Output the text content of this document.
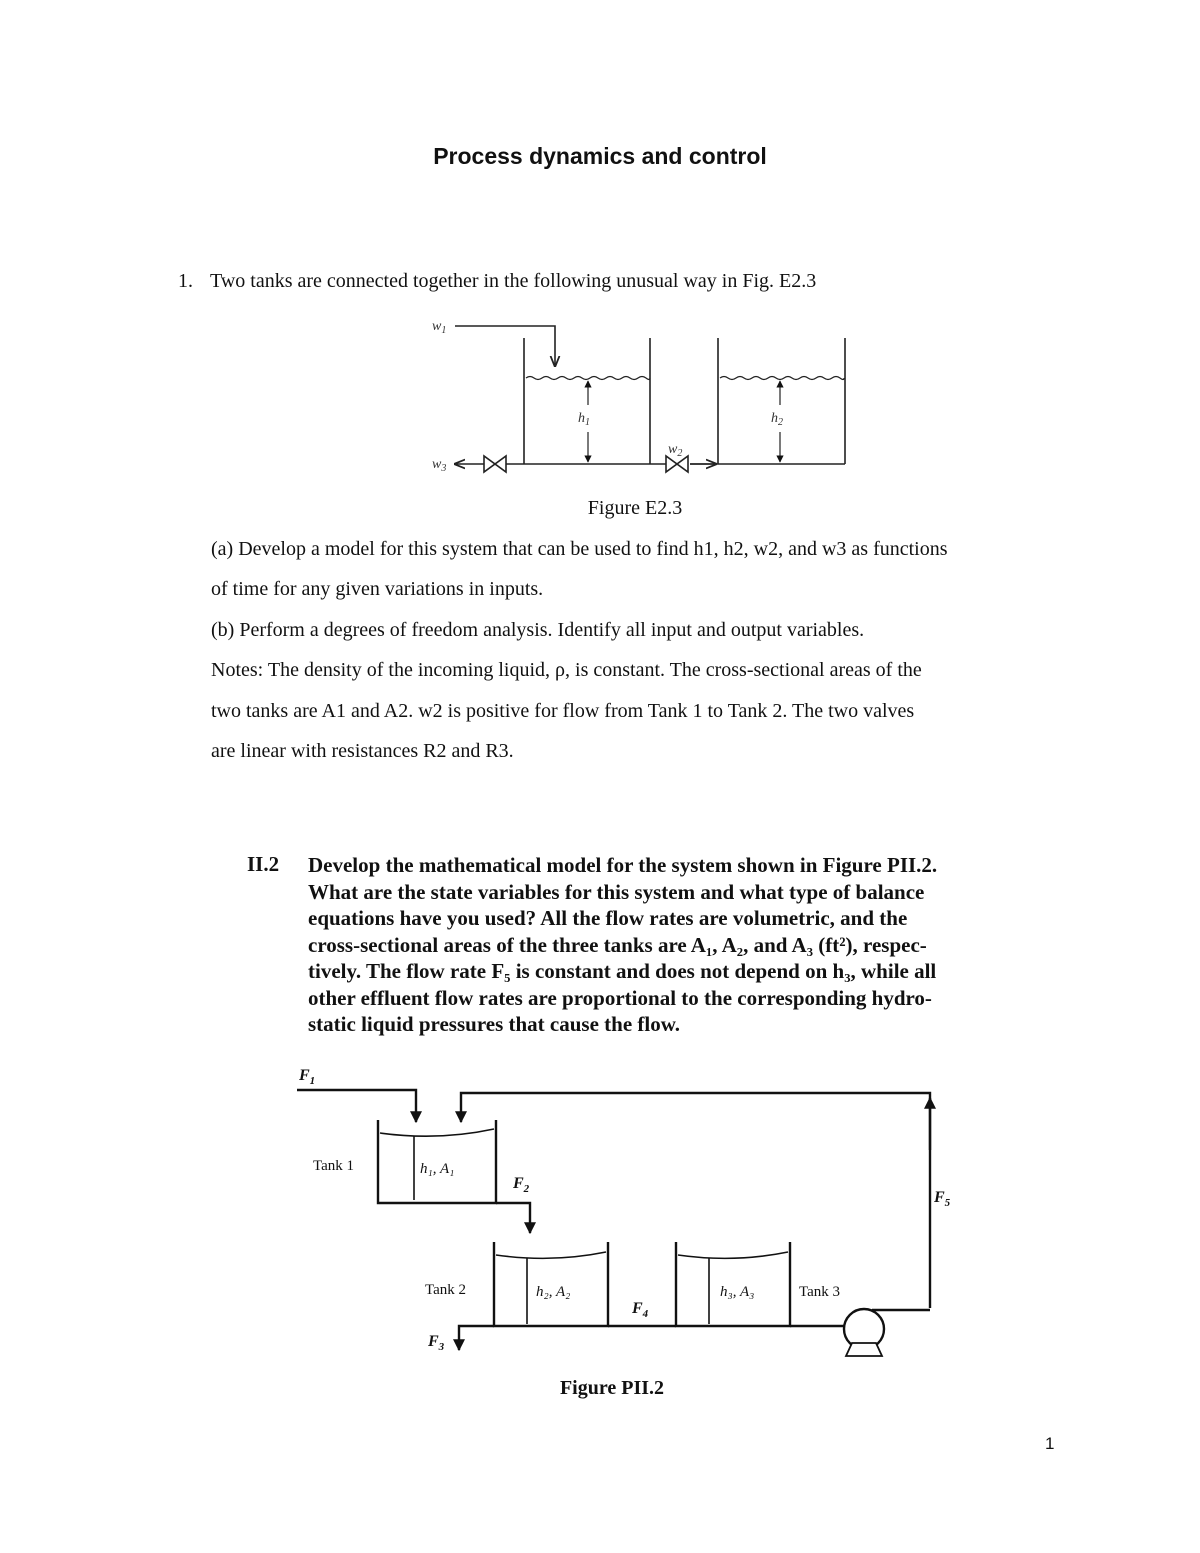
Process dynamics and control
1. Two tanks are connected together in the following unusual way in Fig. E2.3
$w_1$
$w_3$
$w_2$
$h_1$	$h_2$
Figure E2.3
(a) Develop a model for this system that can be used to find h1, h2, w2, and w3 as functions
of time for any given variations in inputs.
(b) Perform a degrees of freedom analysis. Identify all input and output variables.
Notes: The density of the incoming liquid, ρ, is constant. The cross-sectional areas of the
two tanks are A1 and A2. w2 is positive for flow from Tank 1 to Tank 2. The two valves
are linear with resistances R2 and R3.
II.2 Develop the mathematical model for the system shown in Figure PII.2.
What are the state variables for this system and what type of balance
equations have you used? All the flow rates are volumetric, and the
cross-sectional areas of the three tanks are A₁, A₂, and A₃ (ft²), respec-
tively. The flow rate F₅ is constant and does not depend on h₃, while all
other effluent flow rates are proportional to the corresponding hydro-
static liquid pressures that cause the flow.
$F_1$
$F_2$
$F_3$
$F_4$
$F_5$
Tank 1
Tank 2	Tank 3
h₁, A₁
h₂, A₂	h₃, A₃
Figure PII.2
1
